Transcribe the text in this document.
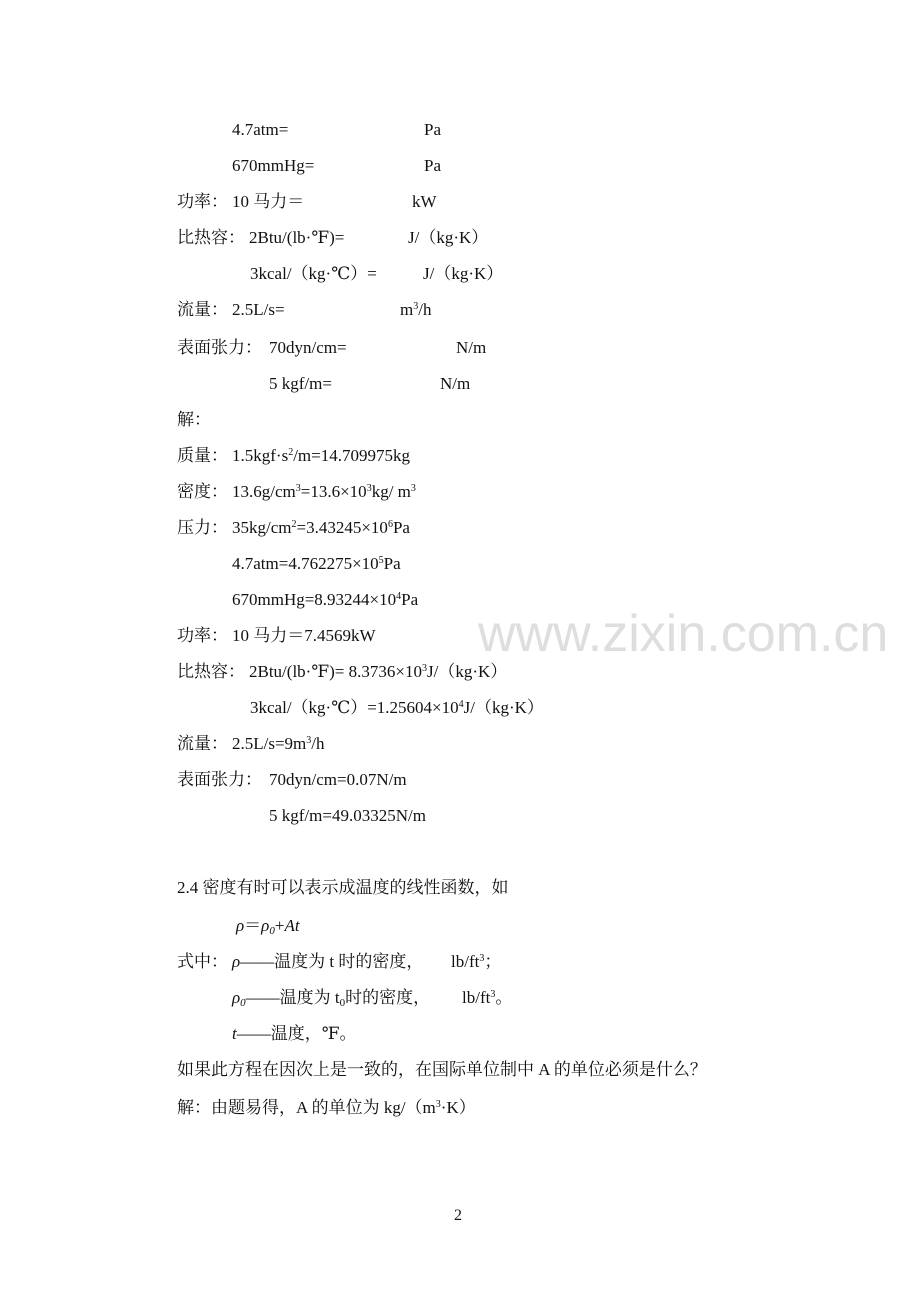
4.7atm=	Pa
670mmHg=	Pa
功率： 10 马力＝	kW
比热容： 2Btu/(lb·℉)=	J/（kg·K）
3kcal/（kg·℃）=	J/（kg·K）
流量： 2.5L/s=	$m^3/h$
表面张力： 70dyn/cm=	N/m
5 kgf/m=	N/m
解：
质量： $1.5kgf\cdot s^2/m=14.709975kg$
密度： $13.6g/cm^3=13.6\times 10^3kg/$ $m^3$
压力： $35kg/cm^2=3.43245\times 10^6Pa$
$4.7atm=4.762275\times 10^5Pa$
$670mmHg=8.93244\times 10^4Pa$
www.zixin.com.cn
功率： 10 马力＝7.4569kW
比热容： 2Btu/(lb·℉)= $8.3736\times 10^3J/(kg\cdot K)$
$3kcal/(kg\cdot℃)=1.25604\times 10^4J/(kg\cdot K)$
流量： $2.5L/s=9m^3/h$
表面张力： 70dyn/cm=0.07N/m
5 kgf/m=49.03325N/m
2.4 密度有时可以表示成温度的线性函数，如
$\rho=\rho_0+At$
式中： ρ——温度为 t 时的密度， $lb/ft^3$；
$\rho_0——$温度为 $t_0$时的密度， $lb/ft^3$。
t——温度，℉。
如果此方程在因次上是一致的，在国际单位制中 A 的单位必须是什么？
解：由题易得，A 的单位为 $kg/(m^3\cdot K)$
2
